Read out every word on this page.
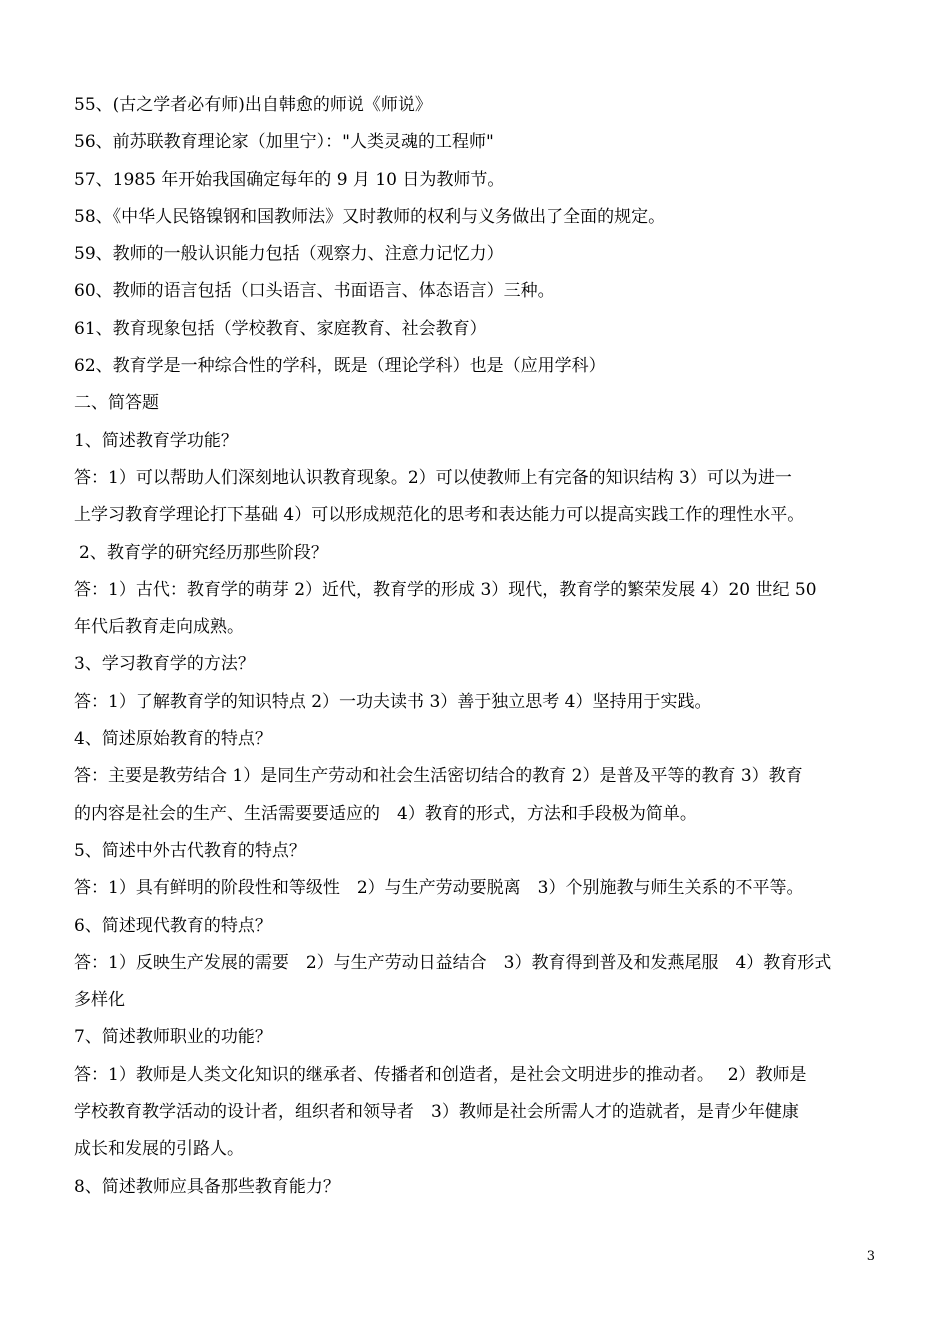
55、(古之学者必有师)出自韩愈的师说《师说》
56、前苏联教育理论家（加里宁）："人类灵魂的工程师"
57、1985 年开始我国确定每年的 9 月 10 日为教师节。
58、《中华人民铬镍钢和国教师法》又时教师的权利与义务做出了全面的规定。
59、教师的一般认识能力包括（观察力、注意力记忆力）
60、教师的语言包括（口头语言、书面语言、体态语言）三种。
61、教育现象包括（学校教育、家庭教育、社会教育）
62、教育学是一种综合性的学科，既是（理论学科）也是（应用学科）
二、简答题
1、简述教育学功能？
答：1）可以帮助人们深刻地认识教育现象。2）可以使教师上有完备的知识结构 3）可以为进一
上学习教育学理论打下基础 4）可以形成规范化的思考和表达能力可以提高实践工作的理性水平。
2、教育学的研究经历那些阶段？
答：1）古代：教育学的萌芽 2）近代，教育学的形成 3）现代，教育学的繁荣发展 4）20 世纪 50
年代后教育走向成熟。
3、学习教育学的方法？
答：1）了解教育学的知识特点 2）一功夫读书 3）善于独立思考 4）坚持用于实践。
4、简述原始教育的特点？
答：主要是教劳结合 1）是同生产劳动和社会生活密切结合的教育 2）是普及平等的教育 3）教育
的内容是社会的生产、生活需要要适应的　4）教育的形式，方法和手段极为简单。
5、简述中外古代教育的特点？
答：1）具有鲜明的阶段性和等级性　2）与生产劳动要脱离　3）个别施教与师生关系的不平等。
6、简述现代教育的特点？
答：1）反映生产发展的需要　2）与生产劳动日益结合　3）教育得到普及和发燕尾服　4）教育形式
多样化
7、简述教师职业的功能？
答：1）教师是人类文化知识的继承者、传播者和创造者，是社会文明进步的推动者。　 2）教师是
学校教育教学活动的设计者，组织者和领导者　3）教师是社会所需人才的造就者，是青少年健康
成长和发展的引路人。
8、简述教师应具备那些教育能力？
3
